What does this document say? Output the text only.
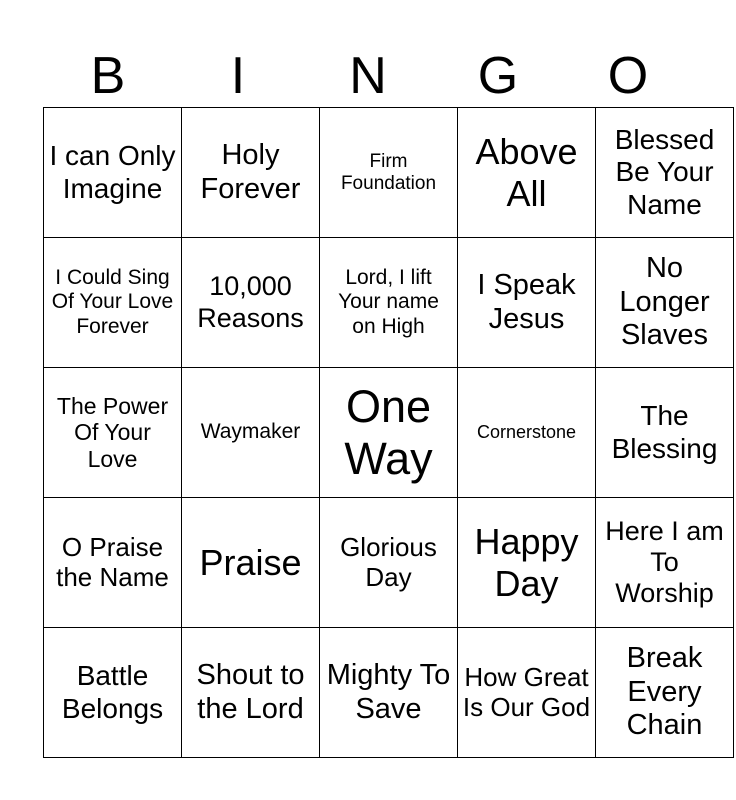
B	I	N	G	O
I can Only Imagine	Holy Forever	Firm Foundation	Above All	Blessed Be Your Name
I Could Sing Of Your Love Forever	10,000 Reasons	Lord, I lift Your name on High	I Speak Jesus	No Longer Slaves
The Power Of Your Love	Waymaker	One Way	Cornerstone	The Blessing
O Praise the Name	Praise	Glorious Day	Happy Day	Here I am To Worship
Battle Belongs	Shout to the Lord	Mighty To Save	How Great Is Our God	Break Every Chain
